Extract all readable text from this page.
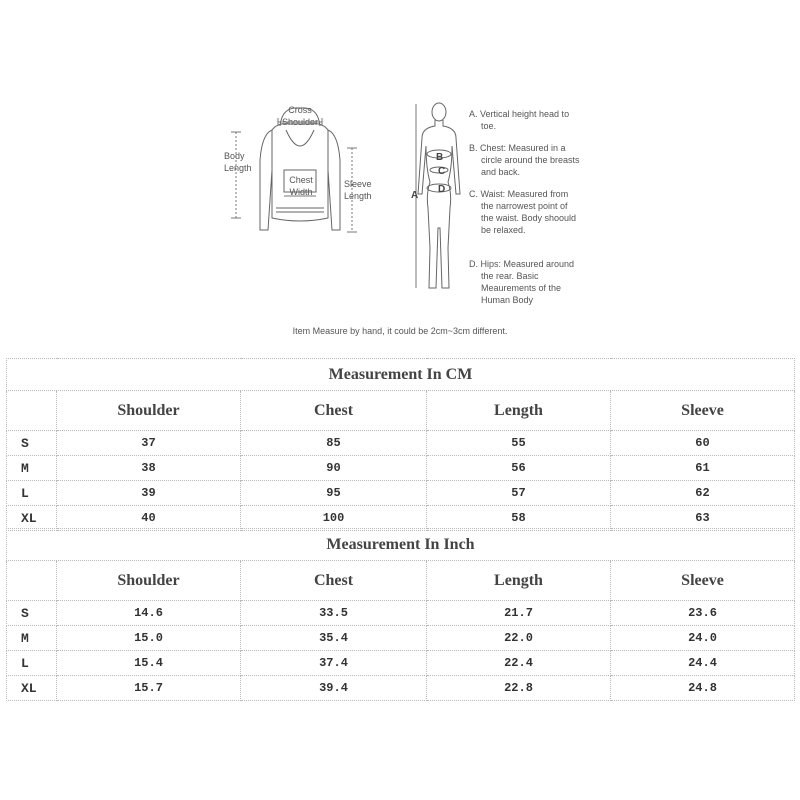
Cross Shoulder
Body Length
Chest Width
Sleeve Length	A
B
C
D
A. Vertical height head to toe.
B. Chest: Measured in a circle around the breasts and back.
C. Waist: Measured from the narrowest point of the waist. Body shoould be relaxed.
D. Hips: Measured around the rear. Basic Meaurements of the Human Body
Item Measure by hand, it could be 2cm~3cm different.
Measurement In CM				
	Shoulder	Chest	Length	Sleeve
S	37	85	55	60
M	38	90	56	61
L	39	95	57	62
XL	40	100	58	63
Measurement In Inch				
	Shoulder	Chest	Length	Sleeve
S	14.6	33.5	21.7	23.6
M	15.0	35.4	22.0	24.0
L	15.4	37.4	22.4	24.4
XL	15.7	39.4	22.8	24.8
